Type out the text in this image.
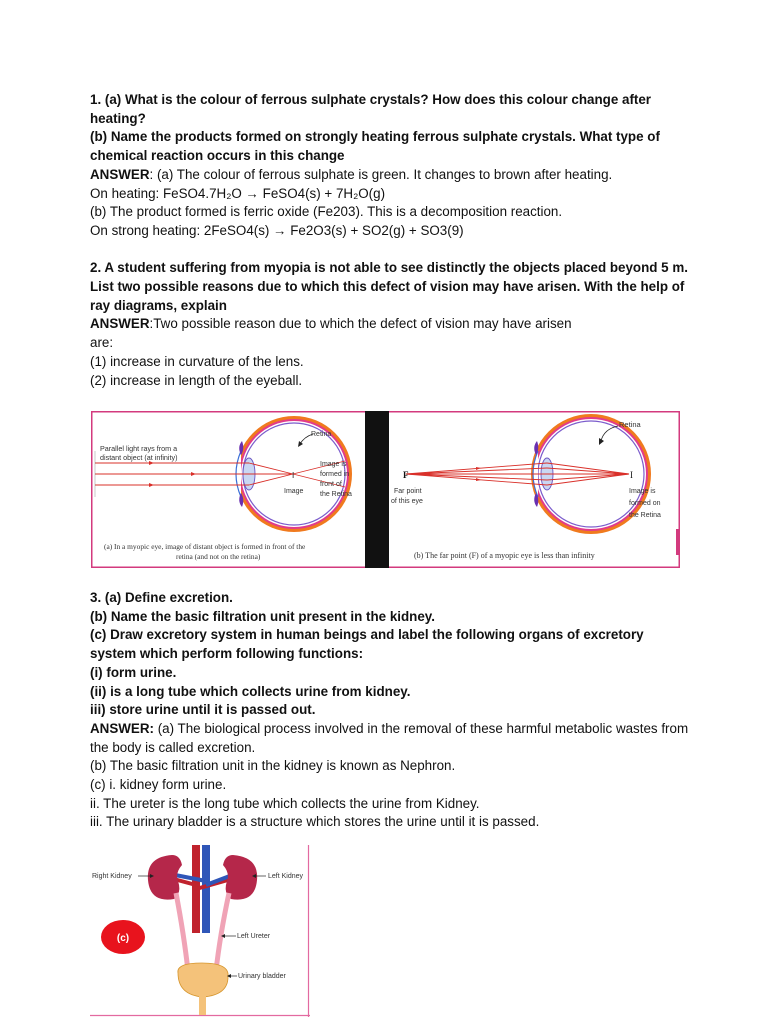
1. (a) What is the colour of ferrous sulphate crystals? How does this colour change after heating?

(b) Name the products formed on strongly heating ferrous sulphate crystals. What type of chemical reaction occurs in this change

ANSWER: (a) The colour of ferrous sulphate is green. It changes to brown after heating.

On heating: FeSO4.7H₂O → FeSO4(s) + 7H₂O(g)

(b) The product formed is ferric oxide (Fe203). This is a decomposition reaction.

On strong heating: 2FeSO4(s) → Fe2O3(s) + SO2(g) + SO3(9)

2. A student suffering from myopia is not able to see distinctly the objects placed beyond 5 m. List two possible reasons due to which this defect of vision may have arisen. With the help of ray diagrams, explain

ANSWER:Two possible reason due to which the defect of vision may have arisen

are:

(1) increase in curvature of the lens.

(2) increase in length of the eyeball.

Parallel light rays from a
distant object (at infinity)
I
Image
Retina
Image is
formed in
front of
the Retina
(a) In a myopic eye, image of distant object is formed in front of the
retina (and not on the retina)
F
Far point
of this eye
I
Retina
Image is
formed on
the Retina
(b) The far point (F) of a myopic eye is less than infinity

3. (a) Define excretion.

(b) Name the basic filtration unit present in the kidney.

(c) Draw excretory system in human beings and label the following organs of excretory system which perform following functions:

(i) form urine.

(ii) is a long tube which collects urine from kidney.

iii) store urine until it is passed out.

ANSWER: (a) The biological process involved in the removal of these harmful metabolic wastes from the body is called excretion.

(b) The basic filtration unit in the kidney is known as Nephron.

(c) i. kidney form urine.

ii. The ureter is the long tube which collects the urine from Kidney.

iii. The urinary bladder is a structure which stores the urine until it is passed.

Right Kidney	Left Kidney
Left Ureter
Urinary bladder
(c)
